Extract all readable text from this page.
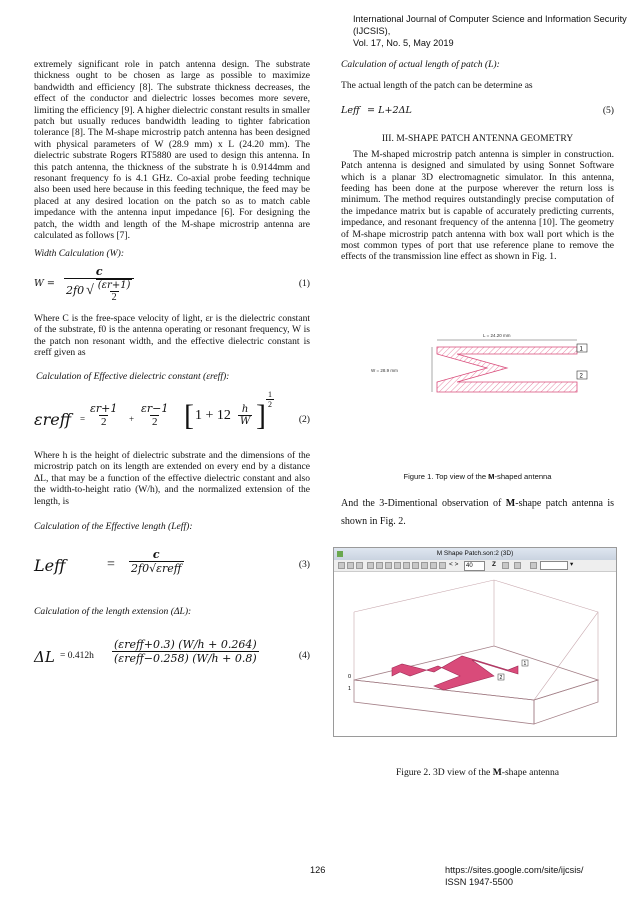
International Journal of Computer Science and Information Security (IJCSIS),
Vol. 17, No. 5, May 2019

extremely significant role in patch antenna design. The substrate thickness ought to be chosen as large as possible to maximize bandwidth and efficiency [8]. The substrate thickness decreases, the effect of the conductor and dielectric losses becomes more severe, limiting the efficiency [9]. A higher dielectric constant results in smaller patch but usually reduces bandwidth leading to tighter fabrication tolerance [8]. The M-shape microstrip patch antenna has been designed with physical parameters of W (28.9 mm) x L (24.20 mm). The dielectric substrate Rogers RT5880 are used to design this antenna. In this patch antenna, the thickness of the substrate h is 0.9144mm and resonant frequency fo is 4.1 GHz. Co-axial probe feeding technique also been used here because in this feeding technique, the feed may be placed at any desired location on the patch so as to match cable impedance with the antenna input impedance [6]. For designing the patch, the width and length of the M-shape microstrip antenna are calculated as follows [7].

Width Calculation (W):

$W = \frac{c}{2f0 √ \frac{(\varepsilon r+1)}{2}}$	(1)

Where C is the free-space velocity of light, εr is the dielectric constant of the substrate, f0 is the antenna operating or resonant frequency, W is the patch non resonant width, and the effective dielectric constant is εreff given as

Calculation of Effective dielectric constant (εreff):

εreff = $\frac{\varepsilon r+1}{2} + \frac{\varepsilon r-1}{2}$ [ $1 + 12 \frac{h}{W}$ ] $\frac{1}{2}$
(2)

Where h is the height of dielectric substrate and the dimensions of the microstrip patch on its length are extended on every end by a distance ΔL, that may be a function of the effective dielectric constant and also the width-to-height ratio (W/h), and the normalized extension of the length, is

Calculation of the Effective length (Leff):

Leff	=
c
2f0√εreff	(3)

Calculation of the length extension (ΔL):

ΔL = 0.412h
(εreff+0.3) (W/h + 0.264)
(εreff−0.258) (W/h + 0.8)	(4)

Calculation of actual length of patch (L):

The actual length of the patch can be determine as

Leff = L+2ΔL	(5)

III. M-SHAPE PATCH ANTENNA GEOMETRY

The M-shaped microstrip patch antenna is simpler in construction. Patch antenna is designed and simulated by using Sonnet Software which is a planar 3D electromagnetic simulator. In this antenna, feeding has been done at the purpose wherever the return loss is minimum. The method requires outstandingly precise computation of the impedance matrix but is capable of accurately predicting currents, impedance, and resonant frequency of the antenna [10]. The geometry of M-shape microstrip patch antenna with box wall port which is the most common types of port that use reference plane to remove the effects of the transmission line effect as shown in Fig. 1.

L = 24.20 mm
W = 28.9 mm
1
2

Figure 1. Top view of the M-shaped antenna

And the 3-Dimentional observation of M-shape patch antenna is shown in Fig. 2.

M Shape Patch.son:2 (3D)
< >	40	Z	▾
0
1
1
2

Figure 2. 3D view of the M-shape antenna

126	https://sites.google.com/site/ijcsis/
ISSN 1947-5500
